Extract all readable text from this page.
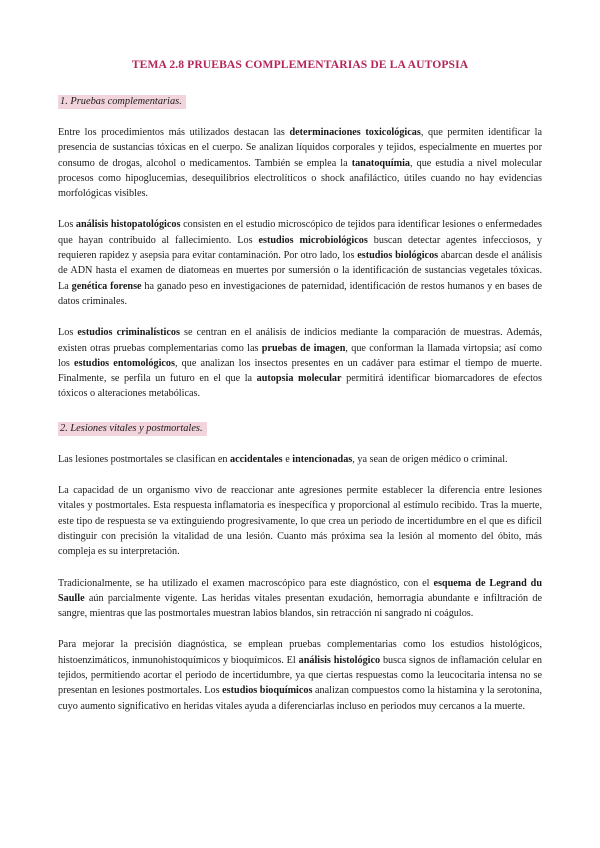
TEMA 2.8 PRUEBAS COMPLEMENTARIAS DE LA AUTOPSIA
1. Pruebas complementarias.

Entre los procedimientos más utilizados destacan las determinaciones toxicológicas, que permiten identificar la presencia de sustancias tóxicas en el cuerpo. Se analizan líquidos corporales y tejidos, especialmente en muertes por consumo de drogas, alcohol o medicamentos. También se emplea la tanatoquímia, que estudia a nivel molecular procesos como hipoglucemias, desequilibrios electrolíticos o shock anafiláctico, útiles cuando no hay evidencias morfológicas visibles.

Los análisis histopatológicos consisten en el estudio microscópico de tejidos para identificar lesiones o enfermedades que hayan contribuido al fallecimiento. Los estudios microbiológicos buscan detectar agentes infecciosos, y requieren rapidez y asepsia para evitar contaminación. Por otro lado, los estudios biológicos abarcan desde el análisis de ADN hasta el examen de diatomeas en muertes por sumersión o la identificación de sustancias vegetales tóxicas. La genética forense ha ganado peso en investigaciones de paternidad, identificación de restos humanos y en bases de datos criminales.

Los estudios criminalísticos se centran en el análisis de indicios mediante la comparación de muestras. Además, existen otras pruebas complementarias como las pruebas de imagen, que conforman la llamada virtopsia; así como los estudios entomológicos, que analizan los insectos presentes en un cadáver para estimar el tiempo de muerte. Finalmente, se perfila un futuro en el que la autopsia molecular permitirá identificar biomarcadores de efectos tóxicos o alteraciones metabólicas.

2. Lesiones vitales y postmortales.

Las lesiones postmortales se clasifican en accidentales e intencionadas, ya sean de origen médico o criminal.

La capacidad de un organismo vivo de reaccionar ante agresiones permite establecer la diferencia entre lesiones vitales y postmortales. Esta respuesta inflamatoria es inespecífica y proporcional al estímulo recibido. Tras la muerte, este tipo de respuesta se va extinguiendo progresivamente, lo que crea un periodo de incertidumbre en el que es difícil distinguir con precisión la vitalidad de una lesión. Cuanto más próxima sea la lesión al momento del óbito, más compleja es su interpretación.

Tradicionalmente, se ha utilizado el examen macroscópico para este diagnóstico, con el esquema de Legrand du Saulle aún parcialmente vigente. Las heridas vitales presentan exudación, hemorragia abundante e infiltración de sangre, mientras que las postmortales muestran labios blandos, sin retracción ni sangrado ni coágulos.

Para mejorar la precisión diagnóstica, se emplean pruebas complementarias como los estudios histológicos, histoenzimáticos, inmunohistoquímicos y bioquímicos. El análisis histológico busca signos de inflamación celular en tejidos, permitiendo acortar el periodo de incertidumbre, ya que ciertas respuestas como la leucocitaria intensa no se presentan en lesiones postmortales. Los estudios bioquímicos analizan compuestos como la histamina y la serotonina, cuyo aumento significativo en heridas vitales ayuda a diferenciarlas incluso en periodos muy cercanos a la muerte.
